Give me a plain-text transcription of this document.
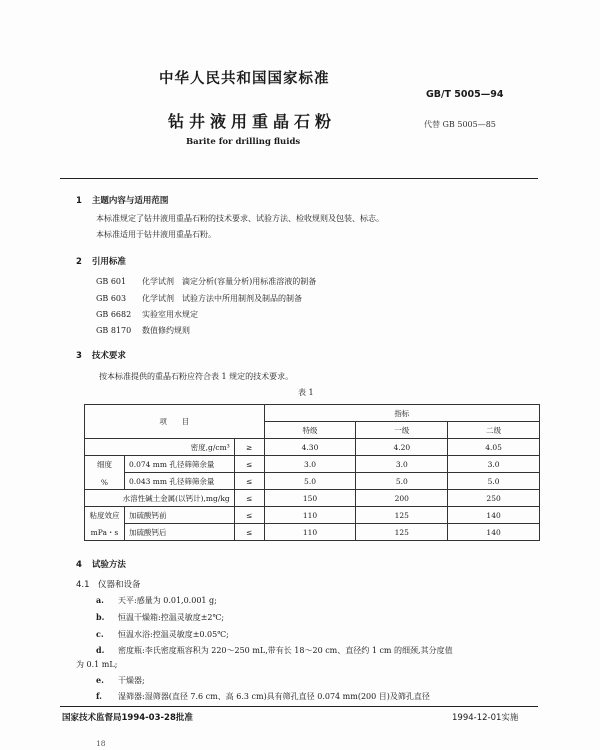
中华人民共和国国家标准
GB/T 5005—94
钻井液用重晶石粉	代替 GB 5005—85
Barite for drilling fluids
1 主题内容与适用范围
本标准规定了钻井液用重晶石粉的技术要求、试验方法、检收规则及包装、标志。
本标准适用于钻井液用重晶石粉。
2 引用标准
GB 601 化学试剂　滴定分析(容量分析)用标准溶液的制备
GB 603 化学试剂　试验方法中所用制剂及制品的制备
GB 6682 实验室用水规定
GB 8170 数值修约规则
3 技术要求
按本标准提供的重晶石粉应符合表 1 规定的技术要求。
表 1
项　　目			指标		
			特级	一级	二级
密度,g/cm³		≥	4.30	4.20	4.05

细度
%	0.074 mm 孔径筛筛余量	≤	3.0	3.0	3.0
	0.043 mm 孔径筛筛余量	≤	5.0	5.0	5.0
水溶性碱土金属(以钙计),mg/kg		≤	150	200	250

粘度效应
mPa・s	加硫酸钙前	≤	110	125	140
	加硫酸钙后	≤	110	125	140
4 试验方法
4.1　仪器和设备
a. 天平:感量为 0.01,0.001 g;
b. 恒温干燥箱:控温灵敏度±2℃;
c. 恒温水浴:控温灵敏度±0.05℃;
d. 密度瓶:李氏密度瓶容积为 220～250 mL,带有长 18～20 cm、直径约 1 cm 的细颈,其分度值
为 0.1 mL;
e. 干燥器;
f. 湿筛器:湿筛器(直径 7.6 cm、高 6.3 cm)具有筛孔直径 0.074 mm(200 目)及筛孔直径
国家技术监督局1994-03-28批准	1994-12-01实施
18
